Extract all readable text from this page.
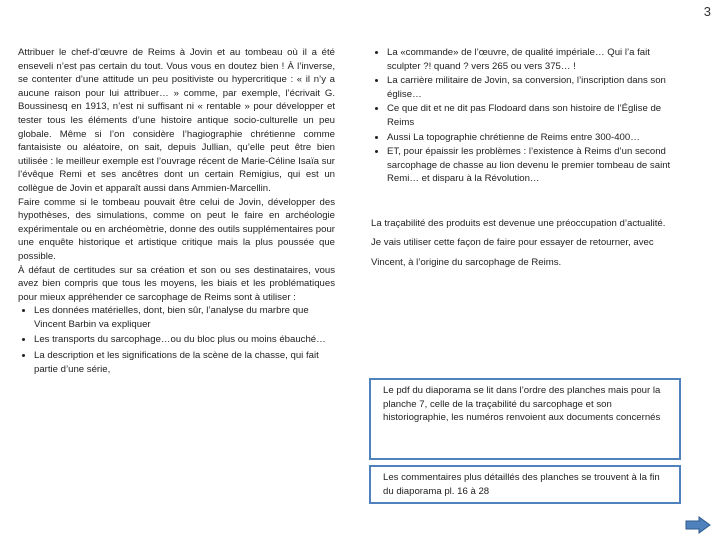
3

Attribuer le chef-d’œuvre de Reims à Jovin et au tombeau où il a été enseveli n’est pas certain du tout. Vous vous en doutez bien ! À l’inverse, se contenter d’une attitude un peu positiviste ou hypercritique : « il n’y a aucune raison pour lui attribuer… » comme, par exemple, l’écrivait G. Boussinesq en 1913, n’est ni suffisant ni « rentable » pour développer et tester tous les éléments d’une histoire antique socio-culturelle un peu globale. Même si l’on considère l’hagiographie chrétienne comme fantaisiste ou aléatoire, on sait, depuis Jullian, qu’elle peut être bien utilisée : le meilleur exemple est l’ouvrage récent de Marie-Céline Isaïa sur l’évêque Remi et ses ancêtres dont un certain Remigius, qui est un collègue de Jovin et apparaît aussi dans Ammien-Marcellin.

Faire comme si le tombeau pouvait être celui de Jovin, développer des hypothèses, des simulations, comme on peut le faire en archéologie expérimentale ou en archéomètrie, donne des outils supplémentaires pour une enquête historique et artistique critique mais la plus poussée que possible.

À défaut de certitudes sur sa création et son ou ses destinataires, vous avez bien compris que tous les moyens, les biais et les problématiques pour mieux appréhender ce sarcophage de Reims sont à utiliser :

• Les données matérielles, dont, bien sûr, l’analyse du marbre que Vincent Barbin va expliquer
• Les transports du sarcophage…ou du bloc plus ou moins ébauché…
• La description et les significations de la scène de la chasse, qui fait partie d’une série,
• La «commande» de l’œuvre, de qualité impériale… Qui l’a fait sculpter ?! quand ? vers 265 ou vers 375… !
• La carrière militaire de Jovin, sa conversion, l’inscription dans son église…
• Ce que dit et ne dit pas Flodoard dans son histoire de l’Église de Reims
• Aussi La topographie chrétienne de Reims entre 300-400…
• ET, pour épaissir les problèmes : l’existence à Reims d’un second sarcophage de chasse au lion devenu le premier tombeau de saint Remi… et disparu à la Révolution…

La traçabilité des produits est devenue une préoccupation d’actualité. Je vais utiliser cette façon de faire pour essayer de retourner, avec Vincent, à l’origine du sarcophage de Reims.

Le pdf du diaporama se lit dans l’ordre des planches mais pour la planche 7, celle de la traçabilité du sarcophage et son historiographie, les numéros renvoient aux documents concernés
Les commentaires plus détaillés des planches se trouvent à la fin du diaporama pl. 16 à 28
